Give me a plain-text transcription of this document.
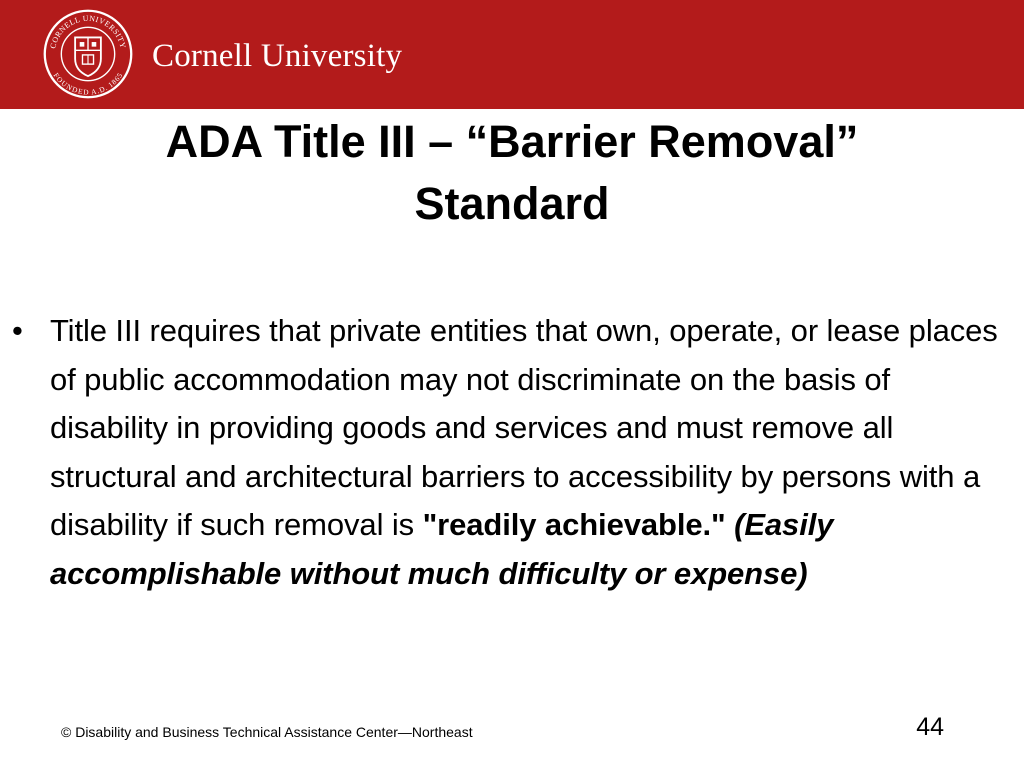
CORNELL UNIVERSITY
FOUNDED A.D. 1865
Cornell University
ADA Title III – “Barrier Removal”
Standard
• Title III requires that private entities that own, operate, or lease places of public accommodation may not discriminate on the basis of disability in providing goods and services and must remove all structural and architectural barriers to accessibility by persons with a disability if such removal is "readily achievable." (Easily accomplishable without much difficulty or expense)
© Disability and Business Technical Assistance Center—Northeast	44
